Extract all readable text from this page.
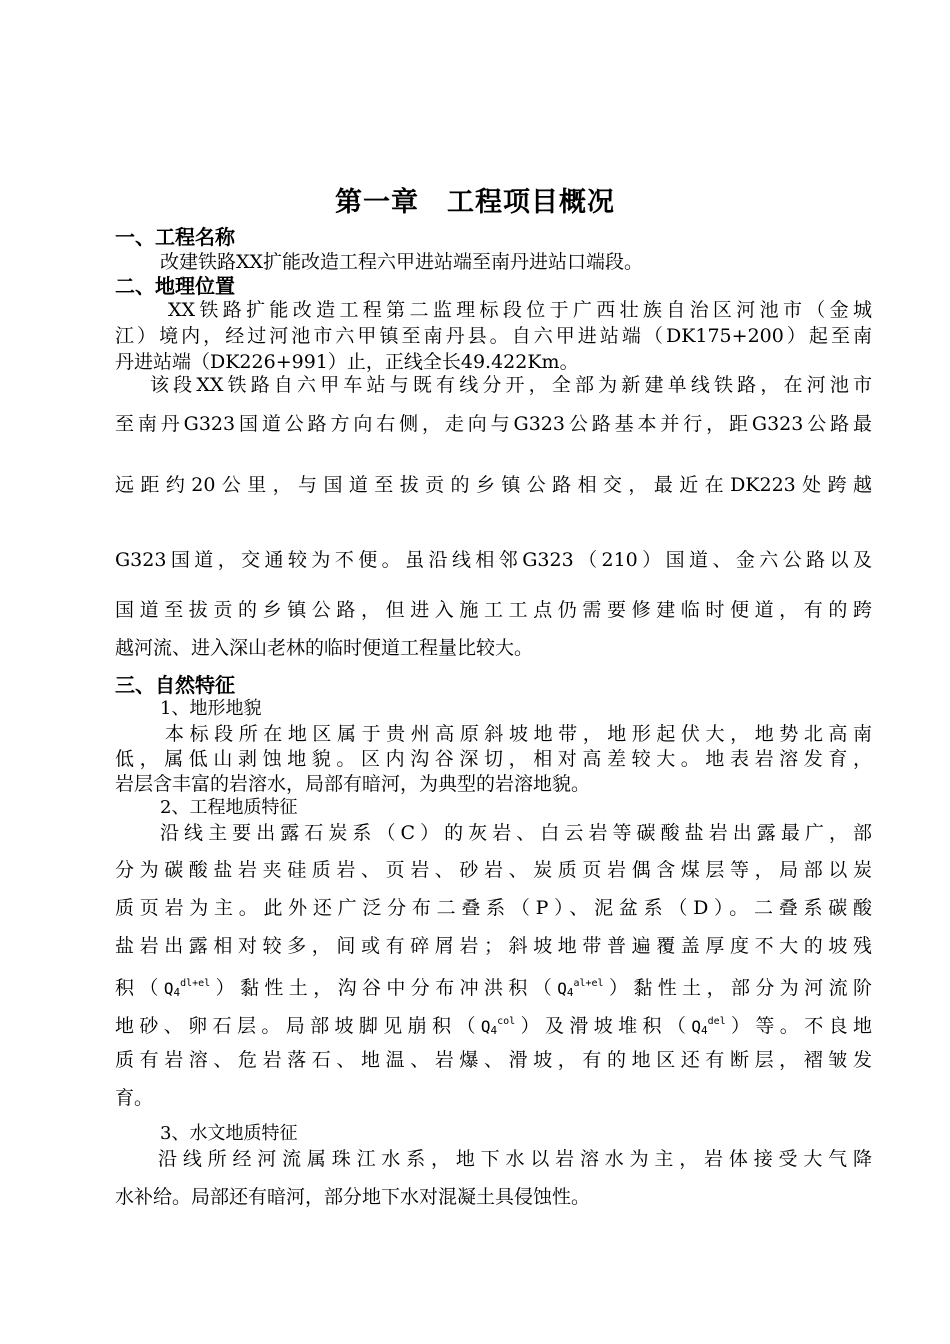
第一章　工程项目概况
一、工程名称
改建铁路XX扩能改造工程六甲进站端至南丹进站口端段。
二、地理位置
XX铁路扩能改造工程第二监理标段位于广西壮族自治区河池市（金城
江）境内，经过河池市六甲镇至南丹县。自六甲进站端（DK175+200）起至南
丹进站端（DK226+991）止，正线全长49.422Km。
该段XX铁路自六甲车站与既有线分开，全部为新建单线铁路，在河池市
至南丹G323国道公路方向右侧，走向与G323公路基本并行，距G323公路最
远距约20公里，与国道至拔贡的乡镇公路相交，最近在DK223处跨越
G323国道，交通较为不便。虽沿线相邻G323（210）国道、金六公路以及
国道至拔贡的乡镇公路，但进入施工工点仍需要修建临时便道，有的跨
越河流、进入深山老林的临时便道工程量比较大。
三、自然特征
1、地形地貌
本标段所在地区属于贵州高原斜坡地带，地形起伏大，地势北高南
低，属低山剥蚀地貌。区内沟谷深切，相对高差较大。地表岩溶发育，
岩层含丰富的岩溶水，局部有暗河，为典型的岩溶地貌。
2、工程地质特征
沿线主要出露石炭系（C）的灰岩、白云岩等碳酸盐岩出露最广，部
分为碳酸盐岩夹硅质岩、页岩、砂岩、炭质页岩偶含煤层等，局部以炭
质页岩为主。此外还广泛分布二叠系（P）、泥盆系（D）。二叠系碳酸
盐岩出露相对较多，间或有碎屑岩；斜坡地带普遍覆盖厚度不大的坡残
积$(Q_4^{dl+el})$黏性土，沟谷中分布冲洪积$(Q_4^{al+el})$黏性土，部分为河流阶
地砂、卵石层。局部坡脚见崩积$(Q_4^{col})$及滑坡堆积$(Q_4^{del})$等。不良地
质有岩溶、危岩落石、地温、岩爆、滑坡，有的地区还有断层，褶皱发
育。
3、水文地质特征
沿线所经河流属珠江水系，地下水以岩溶水为主，岩体接受大气降
水补给。局部还有暗河，部分地下水对混凝土具侵蚀性。
